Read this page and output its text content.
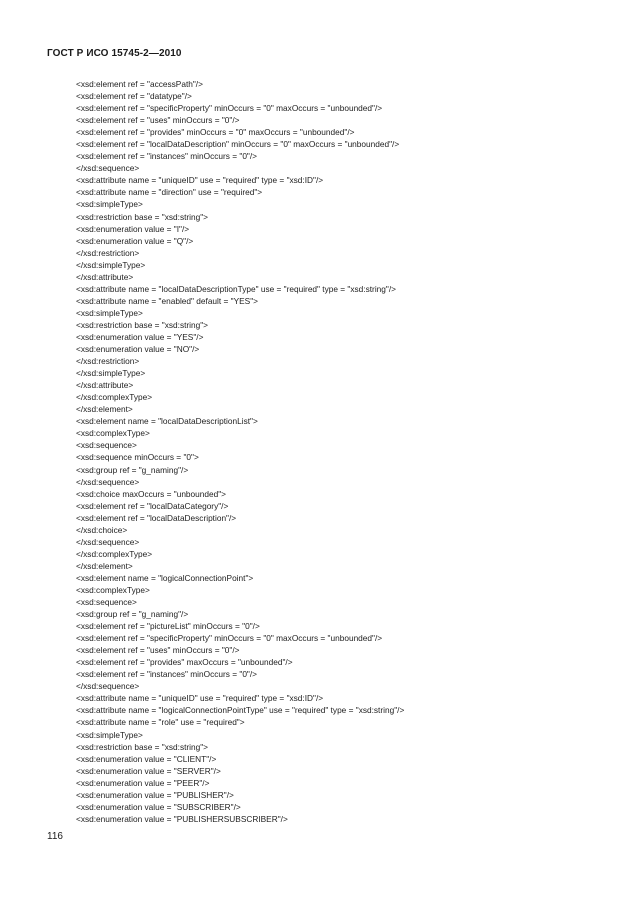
ГОСТ Р ИСО 15745-2—2010
<xsd:element ref = "accessPath"/>
<xsd:element ref = "datatype"/>
<xsd:element ref = "specificProperty" minOccurs = "0" maxOccurs = "unbounded"/>
<xsd:element ref = "uses" minOccurs = "0"/>
<xsd:element ref = "provides" minOccurs = "0" maxOccurs = "unbounded"/>
<xsd:element ref = "localDataDescription" minOccurs = "0" maxOccurs = "unbounded"/>
<xsd:element ref = "instances" minOccurs = "0"/>
</xsd:sequence>
<xsd:attribute name = "uniqueID" use = "required" type = "xsd:ID"/>
<xsd:attribute name = "direction" use = "required">
<xsd:simpleType>
<xsd:restriction base = "xsd:string">
<xsd:enumeration value = "I"/>
<xsd:enumeration value = "Q"/>
</xsd:restriction>
</xsd:simpleType>
</xsd:attribute>
<xsd:attribute name = "localDataDescriptionType" use = "required" type = "xsd:string"/>
<xsd:attribute name = "enabled" default = "YES">
<xsd:simpleType>
<xsd:restriction base = "xsd:string">
<xsd:enumeration value = "YES"/>
<xsd:enumeration value = "NO"/>
</xsd:restriction>
</xsd:simpleType>
</xsd:attribute>
</xsd:complexType>
</xsd:element>
<xsd:element name = "localDataDescriptionList">
<xsd:complexType>
<xsd:sequence>
<xsd:sequence minOccurs = "0">
<xsd:group ref = "g_naming"/>
</xsd:sequence>
<xsd:choice maxOccurs = "unbounded">
<xsd:element ref = "localDataCategory"/>
<xsd:element ref = "localDataDescription"/>
</xsd:choice>
</xsd:sequence>
</xsd:complexType>
</xsd:element>
<xsd:element name = "logicalConnectionPoint">
<xsd:complexType>
<xsd:sequence>
<xsd:group ref = "g_naming"/>
<xsd:element ref = "pictureList" minOccurs = "0"/>
<xsd:element ref = "specificProperty" minOccurs = "0" maxOccurs = "unbounded"/>
<xsd:element ref = "uses" minOccurs = "0"/>
<xsd:element ref = "provides" maxOccurs = "unbounded"/>
<xsd:element ref = "instances" minOccurs = "0"/>
</xsd:sequence>
<xsd:attribute name = "uniqueID" use = "required" type = "xsd:ID"/>
<xsd:attribute name = "logicalConnectionPointType" use = "required" type = "xsd:string"/>
<xsd:attribute name = "role" use = "required">
<xsd:simpleType>
<xsd:restriction base = "xsd:string">
<xsd:enumeration value = "CLIENT"/>
<xsd:enumeration value = "SERVER"/>
<xsd:enumeration value = "PEER"/>
<xsd:enumeration value = "PUBLISHER"/>
<xsd:enumeration value = "SUBSCRIBER"/>
<xsd:enumeration value = "PUBLISHERSUBSCRIBER"/>
116
